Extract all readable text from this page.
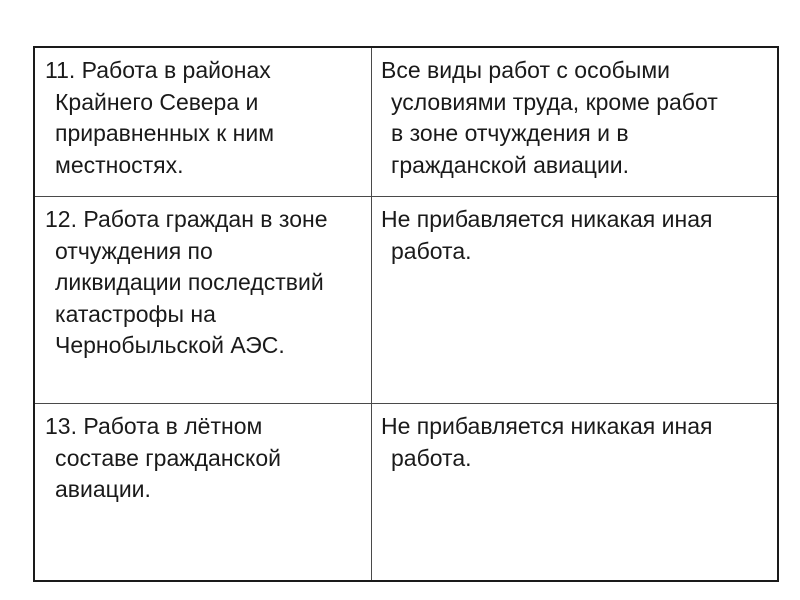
11. Работа в районах
Крайнего Севера и
приравненных к ним
местностях.	Все виды работ с особыми
условиями труда, кроме работ
в зоне отчуждения и в
гражданской авиации.

12. Работа граждан в зоне
отчуждения по
ликвидации последствий
катастрофы на
Чернобыльской АЭС.	Не прибавляется никакая иная
работа.

13. Работа в лётном
составе гражданской
авиации.	Не прибавляется никакая иная
работа.
